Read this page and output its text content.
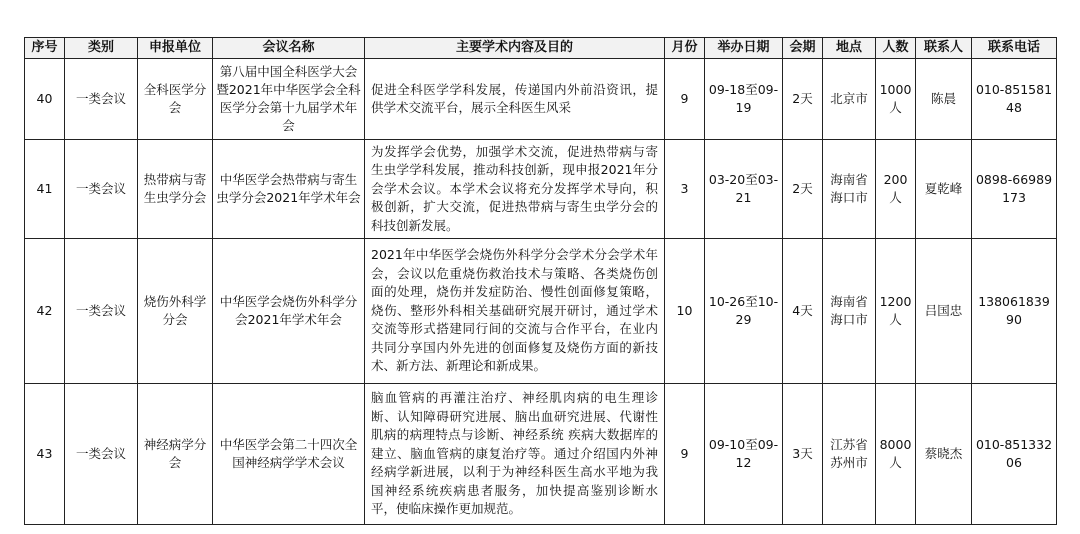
序号	类别	申报单位	会议名称	主要学术内容及目的	月份	举办日期	会期	地点	人数	联系人	联系电话
40	一类会议	全科医学分会	第八届中国全科医学大会暨2021年中华医学会全科医学分会第十九届学术年会	促进全科医学学科发展，传递国内外前沿资讯，提供学术交流平台，展示全科医生风采	9	09-18至09-19	2天	北京市	1000人	陈晨	010-85158148
41	一类会议	热带病与寄生虫学分会	中华医学会热带病与寄生虫学分会2021年学术年会	为发挥学会优势，加强学术交流，促进热带病与寄生虫学学科发展，推动科技创新，现申报2021年分会学术会议。本学术会议将充分发挥学术导向，积极创新，扩大交流，促进热带病与寄生虫学分会的科技创新发展。	3	03-20至03-21	2天	海南省海口市	200人	夏乾峰	0898-66989173
42	一类会议	烧伤外科学分会	中华医学会烧伤外科学分会2021年学术年会	2021年中华医学会烧伤外科学分会学术分会学术年会，会议以危重烧伤救治技术与策略、各类烧伤创面的处理，烧伤并发症防治、慢性创面修复策略，烧伤、整形外科相关基础研究展开研讨，通过学术交流等形式搭建同行间的交流与合作平台，在业内共同分享国内外先进的创面修复及烧伤方面的新技术、新方法、新理论和新成果。	10	10-26至10-29	4天	海南省海口市	1200人	吕国忠	13806183990
43	一类会议	神经病学分会	中华医学会第二十四次全国神经病学学术会议	脑血管病的再灌注治疗、神经肌肉病的电生理诊断、认知障碍研究进展、脑出血研究进展、代谢性肌病的病理特点与诊断、神经系统 疾病大数据库的建立、脑血管病的康复治疗等。通过介绍国内外神经病学新进展，以利于为神经科医生高水平地为我国神经系统疾病患者服务，加快提高鉴别诊断水平，使临床操作更加规范。	9	09-10至09-12	3天	江苏省苏州市	8000人	蔡晓杰	010-85133206
